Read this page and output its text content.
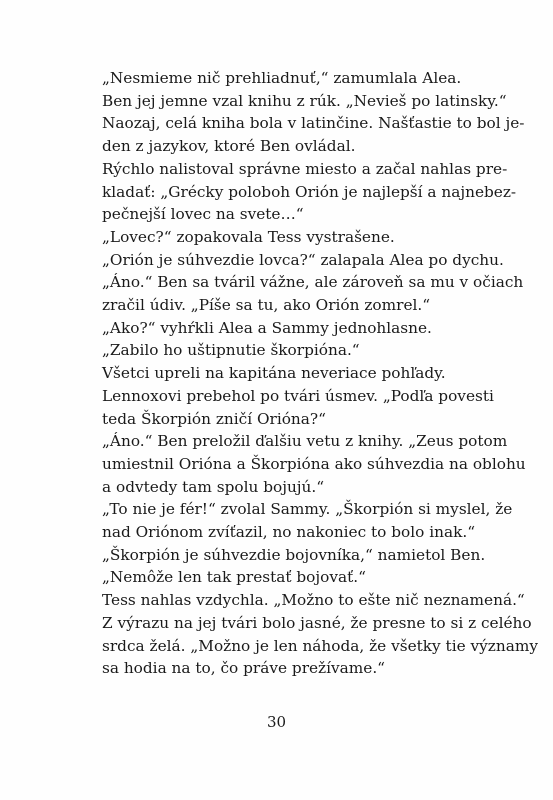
„Nesmieme nič prehliadnuť,“ zamumlala Alea.

Ben jej jemne vzal knihu z rúk. „Nevieš po latinsky.“

Naozaj, celá kniha bola v latinčine. Našťastie to bol je-
den z jazykov, ktoré Ben ovládal.

Rýchlo nalistoval správne miesto a začal nahlas pre-
kladať: „Grécky poloboh Orión je najlepší a najnebez-
pečnejší lovec na svete…“

„Lovec?“ zopakovala Tess vystrašene.

„Orión je súhvezdie lovca?“ zalapala Alea po dychu.

„Áno.“ Ben sa tváril vážne, ale zároveň sa mu v očiach
zračil údiv. „Píše sa tu, ako Orión zomrel.“

„Ako?“ vyhŕkli Alea a Sammy jednohlasne.

„Zabilo ho uštipnutie škorpióna.“

Všetci upreli na kapitána neveriace pohľady.

Lennoxovi prebehol po tvári úsmev. „Podľa povesti
teda Škorpión zničí Orióna?“

„Áno.“ Ben preložil ďalšiu vetu z knihy. „Zeus potom
umiestnil Orióna a Škorpióna ako súhvezdia na oblohu
a odvtedy tam spolu bojujú.“

„To nie je fér!“ zvolal Sammy. „Škorpión si myslel, že
nad Oriónom zvíťazil, no nakoniec to bolo inak.“

„Škorpión je súhvezdie bojovníka,“ namietol Ben.
„Nemôže len tak prestať bojovať.“

Tess nahlas vzdychla. „Možno to ešte nič neznamená.“
Z výrazu na jej tvári bolo jasné, že presne to si z celého
srdca želá. „Možno je len náhoda, že všetky tie významy
sa hodia na to, čo práve prežívame.“

30
